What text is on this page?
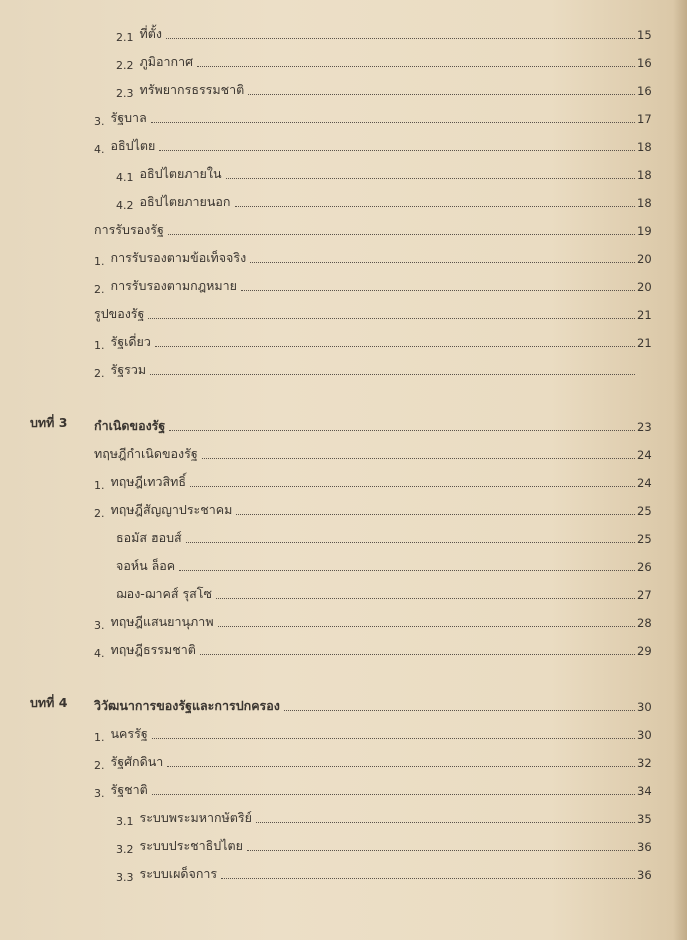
2.1 ที่ตั้ง	15
2.2 ภูมิอากาศ	16
2.3 ทรัพยากรธรรมชาติ	16
3. รัฐบาล	17
4. อธิปไตย	18
4.1 อธิปไตยภายใน	18
4.2 อธิปไตยภายนอก	18
การรับรองรัฐ	19
1. การรับรองตามข้อเท็จจริง	20
2. การรับรองตามกฎหมาย	20
รูปของรัฐ	21
1. รัฐเดี่ยว	21
2. รัฐรวม
บทที่ 3	กำเนิดของรัฐ	23
ทฤษฎีกำเนิดของรัฐ	24
1. ทฤษฎีเทวสิทธิ์	24
2. ทฤษฎีสัญญาประชาคม	25
ธอมัส ฮอบส์	25
จอห์น ล็อค	26
ฌอง-ฌาคส์ รุสโซ	27
3. ทฤษฎีแสนยานุภาพ	28
4. ทฤษฎีธรรมชาติ	29
บทที่ 4	วิวัฒนาการของรัฐและการปกครอง	30
1. นครรัฐ	30
2. รัฐศักดินา	32
3. รัฐชาติ	34
3.1 ระบบพระมหากษัตริย์	35
3.2 ระบบประชาธิปไตย	36
3.3 ระบบเผด็จการ	36
